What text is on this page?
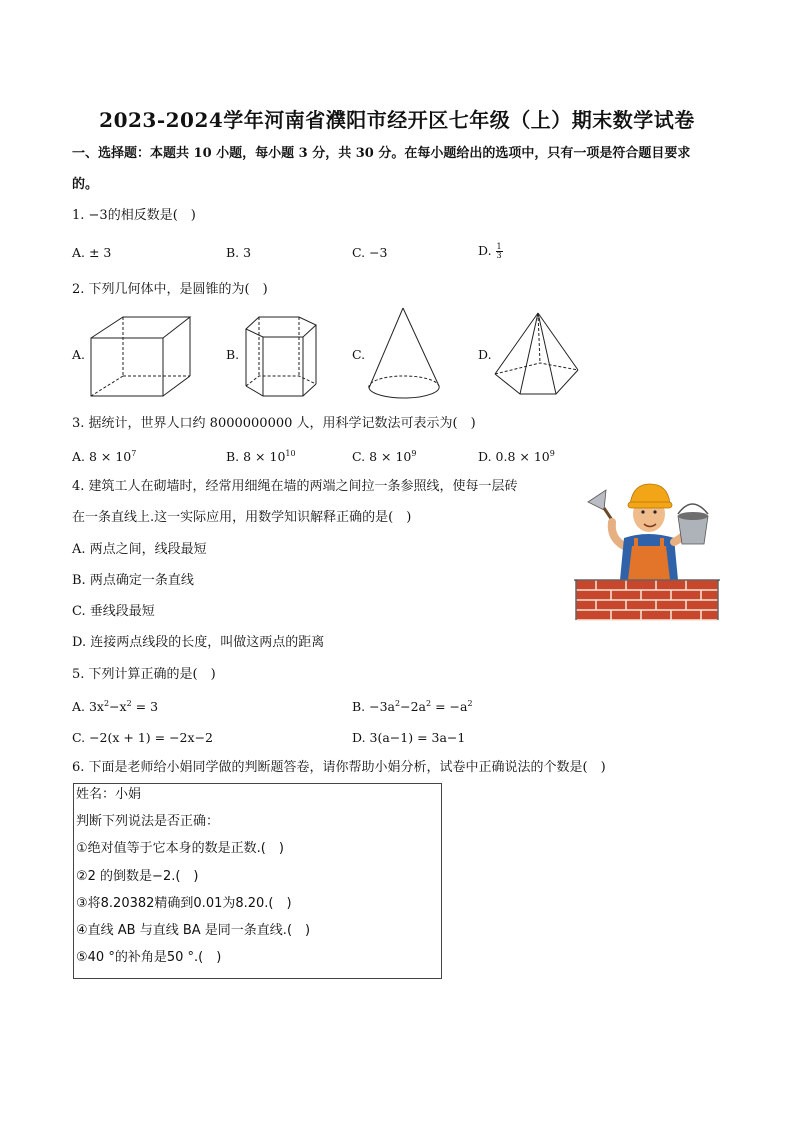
2023-2024学年河南省濮阳市经开区七年级（上）期末数学试卷
一、选择题：本题共 10 小题，每小题 3 分，共 30 分。在每小题给出的选项中，只有一项是符合题目要求
的。
1. −3的相反数是(　)
A. ± 3	B. 3	C. −3	D. $\frac{1}{3}$
2. 下列几何体中，是圆锥的为(　)
A.	B.	C.	D.
3. 据统计，世界人口约 8000000000 人，用科学记数法可表示为(　)
A. $8 \times 10^7$	B. $8 \times 10^{10}$	C. $8 \times 10^9$	D. $0.8 \times 10^9$
4. 建筑工人在砌墙时，经常用细绳在墙的两端之间拉一条参照线，使每一层砖
在一条直线上.这一实际应用，用数学知识解释正确的是(　)
A. 两点之间，线段最短
B. 两点确定一条直线
C. 垂线段最短
D. 连接两点线段的长度，叫做这两点的距离
5. 下列计算正确的是(　)
A. $3x^2-x^2 = 3$	B. $-3a^2-2a^2 = -a^2$
C. −2(x + 1) = −2x−2	D. 3(a−1) = 3a−1
6. 下面是老师给小娟同学做的判断题答卷，请你帮助小娟分析，试卷中正确说法的个数是(　)
姓名：小娟
判断下列说法是否正确：
①绝对值等于它本身的数是正数.(　)
②2 的倒数是−2.(　)
③将8.20382精确到0.01为8.20.(　)
④直线 AB 与直线 BA 是同一条直线.(　)
⑤40 °的补角是50 °.(　)
